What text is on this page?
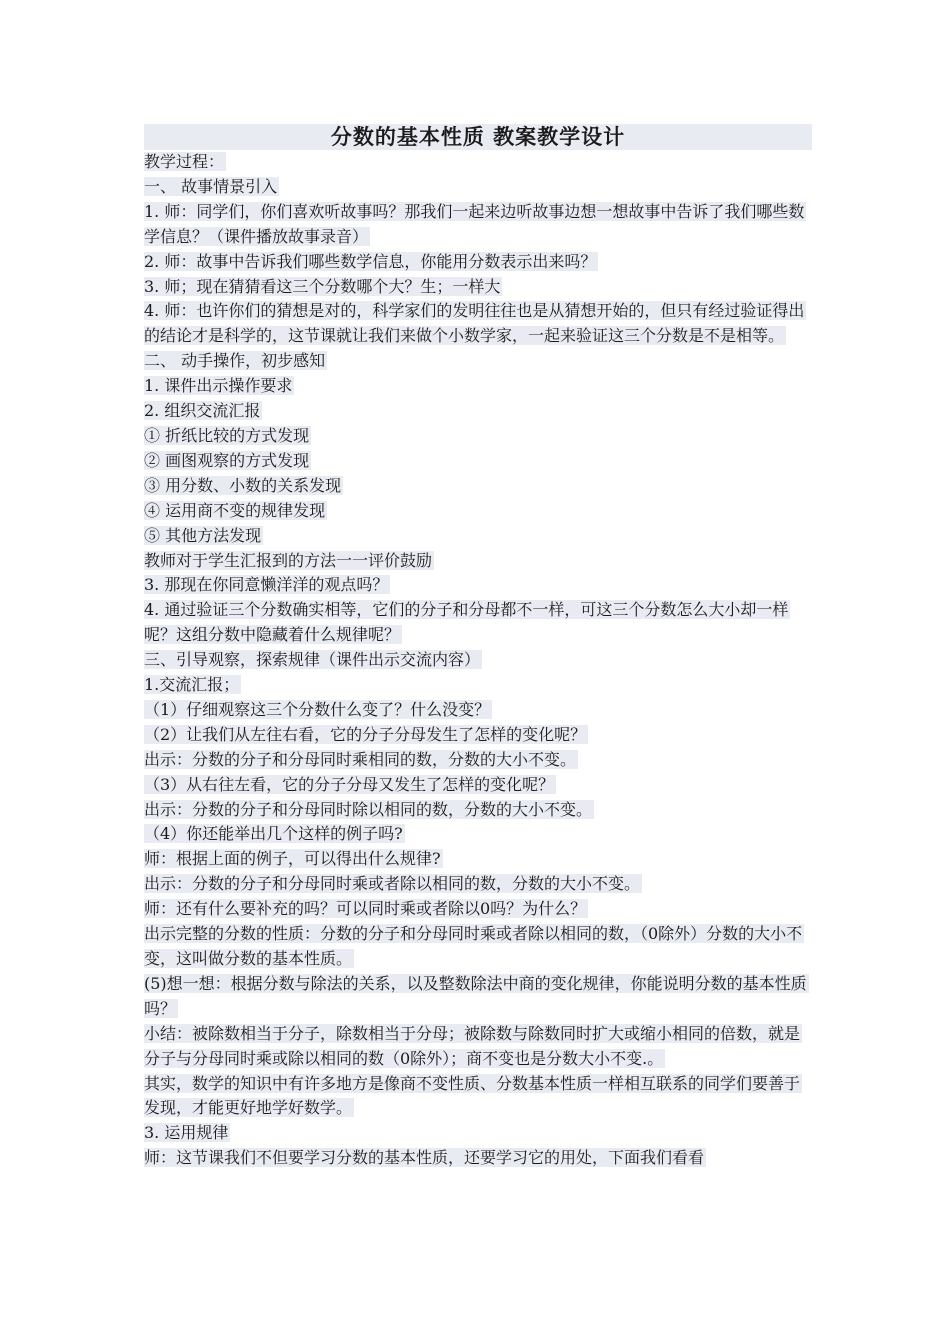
分数的基本性质 教案教学设计
教学过程：
一、 故事情景引入
1. 师：同学们，你们喜欢听故事吗？那我们一起来边听故事边想一想故事中告诉了我们哪些数学信息？（课件播放故事录音）
2. 师：故事中告诉我们哪些数学信息，你能用分数表示出来吗？
3. 师；现在猜猜看这三个分数哪个大？生；一样大
4. 师：也许你们的猜想是对的，科学家们的发明往往也是从猜想开始的，但只有经过验证得出的结论才是科学的，这节课就让我们来做个小数学家，一起来验证这三个分数是不是相等。
二、 动手操作，初步感知
1. 课件出示操作要求
2. 组织交流汇报
① 折纸比较的方式发现
② 画图观察的方式发现
③ 用分数、小数的关系发现
④ 运用商不变的规律发现
⑤ 其他方法发现
教师对于学生汇报到的方法一一评价鼓励
3. 那现在你同意懒洋洋的观点吗？
4. 通过验证三个分数确实相等，它们的分子和分母都不一样，可这三个分数怎么大小却一样呢？这组分数中隐藏着什么规律呢？
三、引导观察，探索规律（课件出示交流内容）
1.交流汇报；
（1）仔细观察这三个分数什么变了？什么没变？
（2）让我们从左往右看，它的分子分母发生了怎样的变化呢？
出示：分数的分子和分母同时乘相同的数，分数的大小不变。
（3）从右往左看，它的分子分母又发生了怎样的变化呢？
出示：分数的分子和分母同时除以相同的数，分数的大小不变。
（4）你还能举出几个这样的例子吗?
师：根据上面的例子，可以得出什么规律?
出示：分数的分子和分母同时乘或者除以相同的数，分数的大小不变。
师：还有什么要补充的吗？可以同时乘或者除以0吗？为什么？
出示完整的分数的性质：分数的分子和分母同时乘或者除以相同的数，（0除外）分数的大小不变，这叫做分数的基本性质。
(5)想一想：根据分数与除法的关系，以及整数除法中商的变化规律，你能说明分数的基本性质吗？
小结：被除数相当于分子，除数相当于分母；被除数与除数同时扩大或缩小相同的倍数，就是分子与分母同时乘或除以相同的数（0除外）；商不变也是分数大小不变.。
其实，数学的知识中有许多地方是像商不变性质、分数基本性质一样相互联系的同学们要善于发现，才能更好地学好数学。
3. 运用规律
师：这节课我们不但要学习分数的基本性质，还要学习它的用处，下面我们看看
